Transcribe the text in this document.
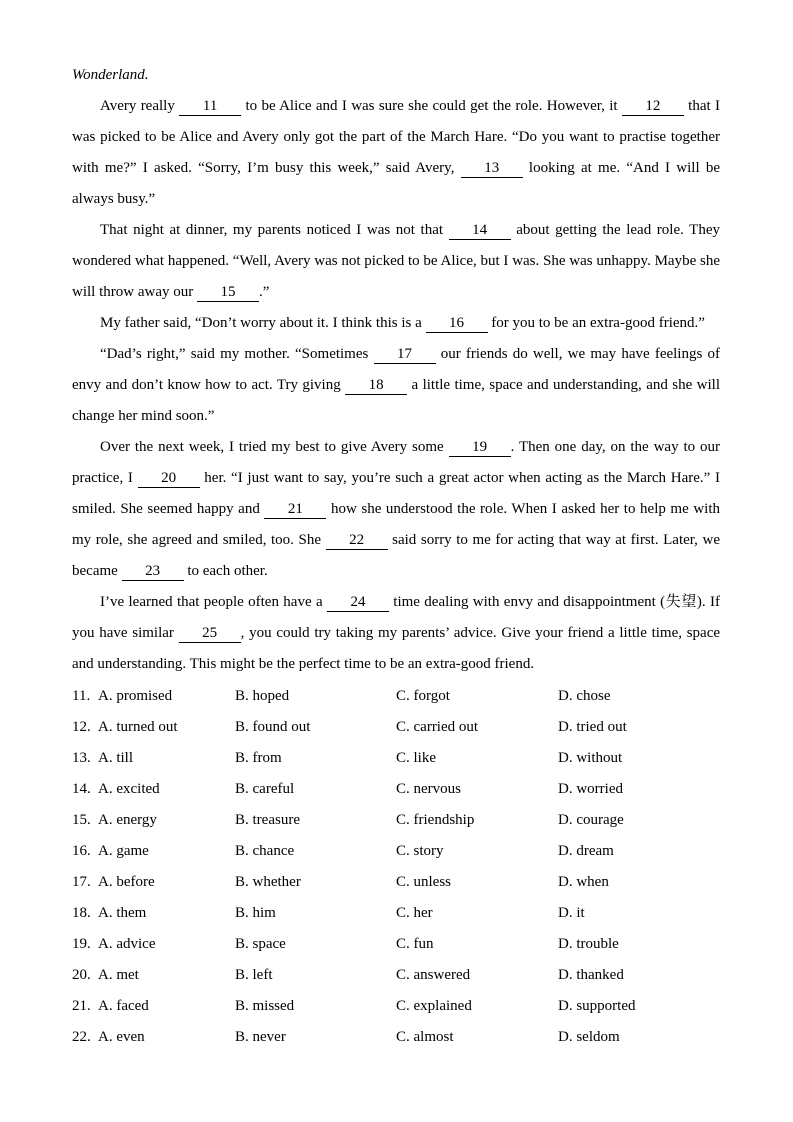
Wonderland.

Avery really 11 to be Alice and I was sure she could get the role. However, it 12 that I was picked to be Alice and Avery only got the part of the March Hare. “Do you want to practise together with me?” I asked. “Sorry, I’m busy this week,” said Avery, 13 looking at me. “And I will be always busy.”

That night at dinner, my parents noticed I was not that 14 about getting the lead role. They wondered what happened. “Well, Avery was not picked to be Alice, but I was. She was unhappy. Maybe she will throw away our 15 .”

My father said, “Don’t worry about it. I think this is a 16 for you to be an extra-good friend.”

“Dad’s right,” said my mother. “Sometimes 17 our friends do well, we may have feelings of envy and don’t know how to act. Try giving 18 a little time, space and understanding, and she will change her mind soon.”

Over the next week, I tried my best to give Avery some 19 . Then one day, on the way to our practice, I 20 her. “I just want to say, you’re such a great actor when acting as the March Hare.” I smiled. She seemed happy and 21 how she understood the role. When I asked her to help me with my role, she agreed and smiled, too. She 22 said sorry to me for acting that way at first. Later, we became 23 to each other.

I’ve learned that people often have a 24 time dealing with envy and disappointment (失望). If you have similar 25 , you could try taking my parents’ advice. Give your friend a little time, space and understanding. This might be the perfect time to be an extra-good friend.

11. A. promised	B. hoped	C. forgot	D. chose
12. A. turned out	B. found out	C. carried out	D. tried out
13. A. till	B. from	C. like	D. without
14. A. excited	B. careful	C. nervous	D. worried
15. A. energy	B. treasure	C. friendship	D. courage
16. A. game	B. chance	C. story	D. dream
17. A. before	B. whether	C. unless	D. when
18. A. them	B. him	C. her	D. it
19. A. advice	B. space	C. fun	D. trouble
20. A. met	B. left	C. answered	D. thanked
21. A. faced	B. missed	C. explained	D. supported
22. A. even	B. never	C. almost	D. seldom
